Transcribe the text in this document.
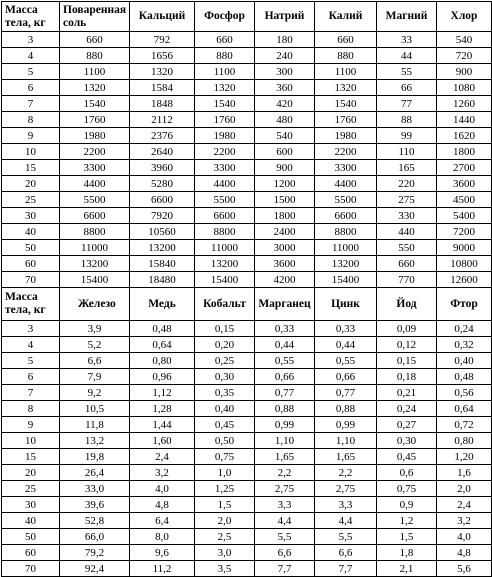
Масса тела, кг	Поваренная соль	Кальций	Фосфор	Натрий	Калий	Магний	Хлор
3	660	792	660	180	660	33	540
4	880	1656	880	240	880	44	720
5	1100	1320	1100	300	1100	55	900
6	1320	1584	1320	360	1320	66	1080
7	1540	1848	1540	420	1540	77	1260
8	1760	2112	1760	480	1760	88	1440
9	1980	2376	1980	540	1980	99	1620
10	2200	2640	2200	600	2200	110	1800
15	3300	3960	3300	900	3300	165	2700
20	4400	5280	4400	1200	4400	220	3600
25	5500	6600	5500	1500	5500	275	4500
30	6600	7920	6600	1800	6600	330	5400
40	8800	10560	8800	2400	8800	440	7200
50	11000	13200	11000	3000	11000	550	9000
60	13200	15840	13200	3600	13200	660	10800
70	15400	18480	15400	4200	15400	770	12600
Масса тела, кг	Железо	Медь	Кобальт	Марганец	Цинк	Йод	Фтор
3	3,9	0,48	0,15	0,33	0,33	0,09	0,24
4	5,2	0,64	0,20	0,44	0,44	0,12	0,32
5	6,6	0,80	0,25	0,55	0,55	0,15	0,40
6	7,9	0,96	0,30	0,66	0,66	0,18	0,48
7	9,2	1,12	0,35	0,77	0,77	0,21	0,56
8	10,5	1,28	0,40	0,88	0,88	0,24	0,64
9	11,8	1,44	0,45	0,99	0,99	0,27	0,72
10	13,2	1,60	0,50	1,10	1,10	0,30	0,80
15	19,8	2,4	0,75	1,65	1,65	0,45	1,20
20	26,4	3,2	1,0	2,2	2,2	0,6	1,6
25	33,0	4,0	1,25	2,75	2,75	0,75	2,0
30	39,6	4,8	1,5	3,3	3,3	0,9	2,4
40	52,8	6,4	2,0	4,4	4,4	1,2	3,2
50	66,0	8,0	2,5	5,5	5,5	1,5	4,0
60	79,2	9,6	3,0	6,6	6,6	1,8	4,8
70	92,4	11,2	3,5	7,7	7,7	2,1	5,6
